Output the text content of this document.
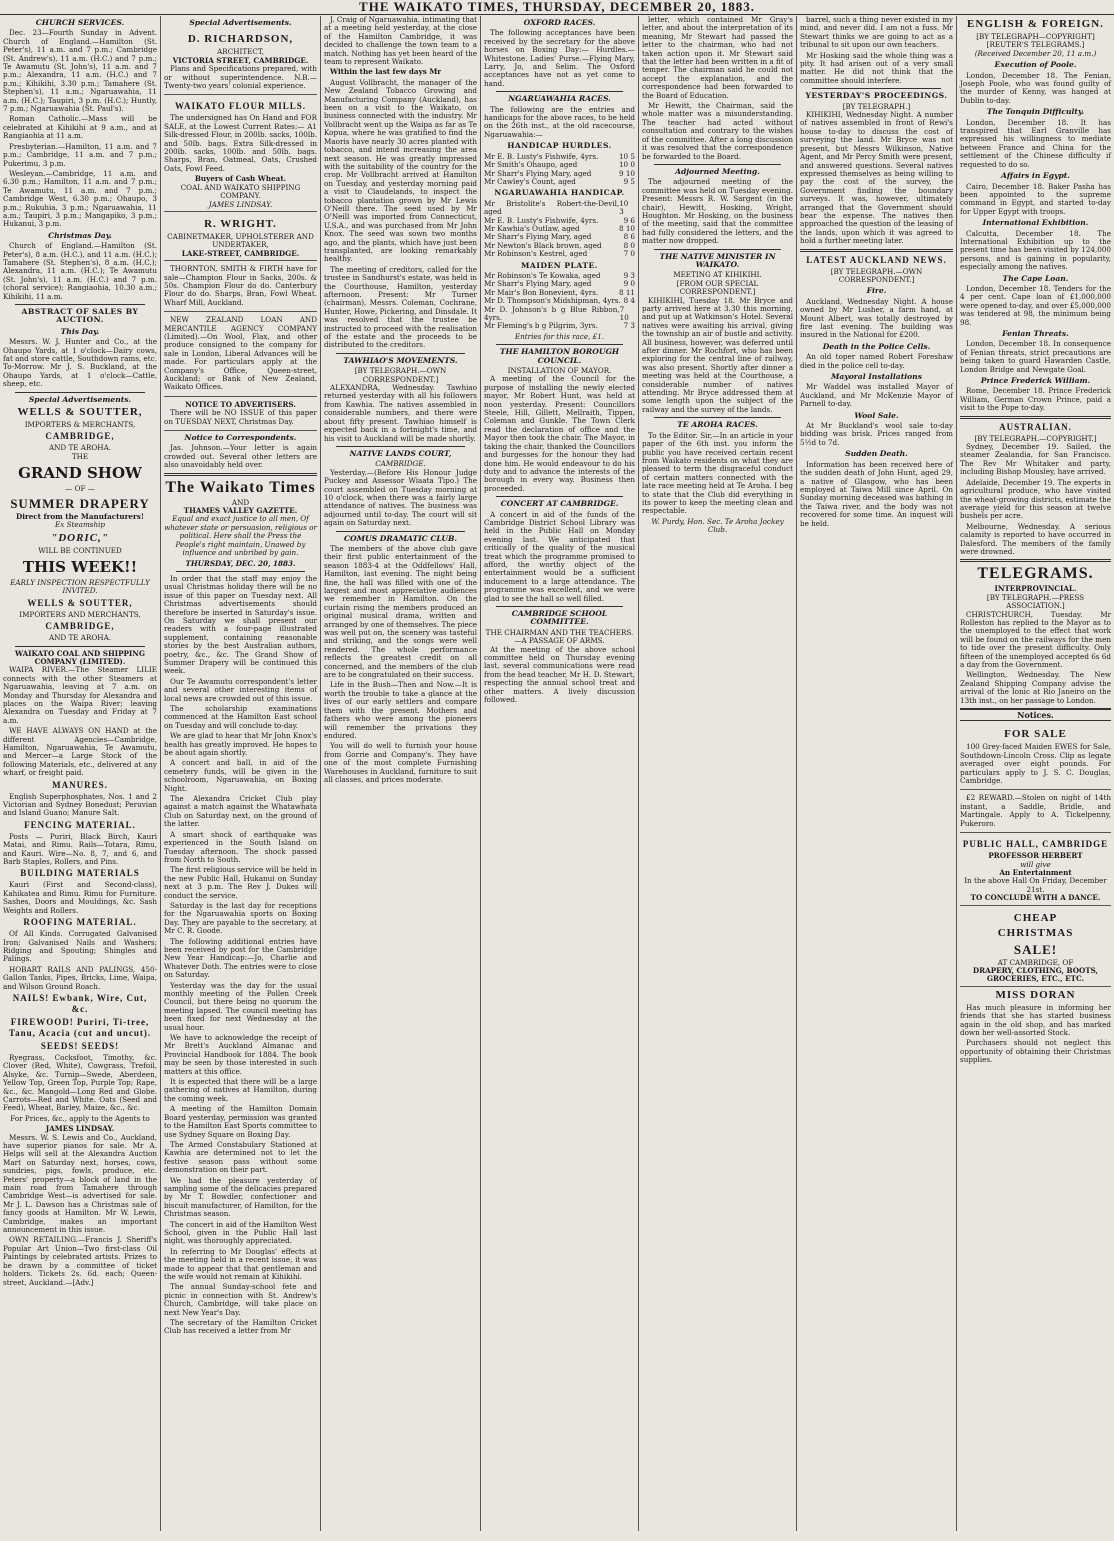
THE WAIKATO TIMES, THURSDAY, DECEMBER 20, 1883.
CHURCH SERVICES.

Dec. 23—Fourth Sunday in Advent. Church of England.—Hamilton (St. Peter's), 11 a.m. and 7 p.m.; Cambridge (St. Andrew's), 11 a.m. (H.C.) and 7 p.m.; Te Awamutu (St. John's), 11 a.m. and 7 p.m.; Alexandra, 11 a.m. (H.C.) and 7 p.m.; Kihikihi, 3.30 p.m.; Tamahere (St. Stephen's), 11 a.m.; Ngaruawahia, 11 a.m. (H.C.); Taupiri, 3 p.m. (H.C.); Huntly, 7 p.m.; Ngaruawahia (St. Paul's).

Roman Catholic.—Mass will be celebrated at Kihikihi at 9 a.m., and at Rangiaohia at 11 a.m.

Presbyterian.—Hamilton, 11 a.m. and 7 p.m.; Cambridge, 11 a.m. and 7 p.m.; Pukerimu, 3 p.m.

Wesleyan.—Cambridge, 11 a.m. and 6.30 p.m.; Hamilton, 11 a.m. and 7 p.m.; Te Awamutu, 11 a.m. and 7 p.m.; Cambridge West, 6.30 p.m.; Ohaupo, 3 p.m.; Rukuhia, 3 p.m.; Ngaruawahia, 11 a.m.; Taupiri, 3 p.m.; Mangapiko, 3 p.m.; Hukanui, 3 p.m.

Christmas Day.

Church of England.—Hamilton (St. Peter's), 8 a.m. (H.C.), and 11 a.m. (H.C.); Tamahere (St. Stephen's), 8 a.m. (H.C.); Alexandra, 11 a.m. (H.C.); Te Awamutu (St. John's), 11 a.m. (H.C.) and 7 p.m. (choral service); Rangiaohia, 10.30 a.m.; Kihikihi, 11 a.m.

ABSTRACT OF SALES BY AUCTION.
This Day.

Messrs. W. J. Hunter and Co., at the Ohaupo Yards, at 1 o'clock—Dairy cows, fat and store cattle, Southdown rams, etc. To-Morrow. Mr J. S. Buckland, at the Ohaupo Yards, at 1 o'clock—Cattle, sheep, etc.

Special Advertisements.
WELLS & SOUTTER,
IMPORTERS & MERCHANTS,
CAMBRIDGE,
AND TE AROHA.
THE
GRAND SHOW
— OF —
SUMMER DRAPERY
Direct from the Manufacturers!
Ex Steamship
"DORIC,"
WILL BE CONTINUED
THIS WEEK!!
EARLY INSPECTION RESPECTFULLY INVITED.
WELLS & SOUTTER,
IMPORTERS AND MERCHANTS,
CAMBRIDGE,
AND TE AROHA.
WAIKATO COAL AND SHIPPING COMPANY (LIMITED).

WAIPA RIVER.—The Steamer LILIE connects with the other Steamers at Ngaruawahia, leaving at 7 a.m. on Monday and Thursday for Alexandra and places on the Waipa River; leaving Alexandra on Tuesday and Friday at 7 a.m.

WE HAVE ALWAYS ON HAND at the different Agencies—Cambridge, Hamilton, Ngaruawahia, Te Awamutu, and Mercer—a Large Stock of the following Materials, etc., delivered at any wharf, or freight paid.

MANURES.

English Superphosphates, Nos. 1 and 2 Victorian and Sydney Bonedust; Peruvian and Island Guano; Manure Salt.

FENCING MATERIAL.

Posts — Puriri, Black Birch, Kauri Matai, and Rimu. Rails—Totara, Rimu, and Kauri. Wire—No. 8, 7, and 6, and Barb Staples, Rollers, and Pins.

BUILDING MATERIALS

Kauri (First and Second-class), Kahikatea and Rimu. Rimu for Furniture. Sashes, Doors and Mouldings, &c. Sash Weights and Rollers.

ROOFING MATERIAL.

Of All Kinds. Corrugated Galvanised Iron; Galvanised Nails and Washers; Ridging and Spouting; Shingles and Palings.

HOBART RAILS AND PALINGS, 450-Gallon Tanks, Pipes, Bricks, Lime, Waipa, and Wilson Ground Roach.

NAILS! Ewbank, Wire, Cut, &c.
FIREWOOD! Puriri, Ti-tree, Tanu, Acacia (cut and uncut).
SEEDS! SEEDS!

Ryegrass, Cocksfoot, Timothy, &c. Clover (Red, White), Cowgrass, Trefoil, Alsyke, &c. Turnip—Swede, Aberdeen, Yellow Top, Green Top, Purple Top; Rape, &c., &c. Mangold—Long Red and Globe. Carrots—Red and White. Oats (Seed and Feed), Wheat, Barley, Maize, &c., &c.

For Prices, &c., apply to the Agents to

JAMES LINDSAY.

Messrs. W. S. Lewis and Co., Auckland, have superior pianos for sale. Mr A. Helps will sell at the Alexandra Auction Mart on Saturday next, horses, cows, sundries, pigs, fowls, produce, etc. Peters' property—a block of land in the main road from Tamahere through Cambridge West—is advertised for sale. Mr J. L. Dawson has a Christmas sale of fancy goods at Hamilton. Mr W. Lewis, Cambridge, makes an important announcement in this issue.

OWN RETAILING.—Francis J. Sheriff's Popular Art Union—Two first-class Oil Paintings by celebrated artists. Prizes to be drawn by a committee of ticket holders. Tickets 2s. 6d. each; Queen-street, Auckland.—[Adv.]

Special Advertisements.
D. RICHARDSON,
ARCHITECT,
VICTORIA STREET, CAMBRIDGE.

Plans and Specifications prepared, with or without superintendence. N.B.—Twenty-two years' colonial experience.

WAIKATO FLOUR MILLS.

The undersigned has On Hand and FOR SALE, at the Lowest Current Rates:— A1 Silk-dressed Flour, in 200lb. sacks, 100lb. and 50lb. bags. Extra Silk-dressed in 200lb. sacks, 100lb. and 50lb. bags. Sharps, Bran, Oatmeal, Oats, Crushed Oats, Fowl Feed.

Buyers of Cash Wheat.
COAL AND WAIKATO SHIPPING COMPANY.
JAMES LINDSAY.
R. WRIGHT.
CABINETMAKER, UPHOLSTERER AND UNDERTAKER,
LAKE-STREET, CAMBRIDGE.

THORNTON, SMITH & FIRTH have for sale—Champion Flour in Sacks, 200s. & 50s. Champion Flour do do. Canterbury Flour do do. Sharps, Bran, Fowl Wheat. Wharf Mill, Auckland.

NEW ZEALAND LOAN AND MERCANTILE AGENCY COMPANY (Limited).—On Wool, Flax, and other produce consigned to the company for sale in London, Liberal Advances will be made. For particulars apply at the Company's Office, Queen-street, Auckland; or Bank of New Zealand, Waikato Offices.

NOTICE TO ADVERTISERS.

There will be NO ISSUE of this paper on TUESDAY NEXT, Christmas Day.

Notice to Correspondents.

Jas. Johnson.—Your letter is again crowded out. Several other letters are also unavoidably held over.

The Waikato Times
AND
THAMES VALLEY GAZETTE.

Equal and exact justice to all men, Of whatever state or persuasion, religious or political. Here shall the Press the People's right maintain, Unawed by influence and unbribed by gain.

THURSDAY, DEC. 20, 1883.

In order that the staff may enjoy the usual Christmas holiday there will be no issue of this paper on Tuesday next. All Christmas advertisements should therefore be inserted in Saturday's issue. On Saturday we shall present our readers with a four-page illustrated supplement, containing reasonable stories by the best Australian authors, poetry, &c., &c. The Grand Show of Summer Drapery will be continued this week.

Our Te Awamutu correspondent's letter and several other interesting items of local news are crowded out of this issue.

The scholarship examinations commenced at the Hamilton East school on Tuesday and will conclude to-day.

We are glad to hear that Mr John Knox's health has greatly improved. He hopes to be about again shortly.

A concert and ball, in aid of the cemetery funds, will be given in the schoolroom, Ngaruawahia, on Boxing Night.

The Alexandra Cricket Club play against a match against the Whatawhata Club on Saturday next, on the ground of the latter.

A smart shock of earthquake was experienced in the South Island on Tuesday afternoon. The shock passed from North to South.

The first religious service will be held in the new Public Hall, Hukanui on Sunday next at 3 p.m. The Rev J. Dukes will conduct the service.

Saturday is the last day for receptions for the Ngaruawahia sports on Boxing Day. They are payable to the secretary, at Mr C. R. Goode.

The following additional entries have been received by post for the Cambridge New Year Handicap:—Jo, Charlie and Whatever Doth. The entries were to close on Saturday.

Yesterday was the day for the usual monthly meeting of the Pollen Creek Council, but there being no quorum the meeting lapsed. The council meeting has been fixed for next Wednesday at the usual hour.

We have to acknowledge the receipt of Mr Brett's Auckland Almanac and Provincial Handbook for 1884. The book may be seen by those interested in such matters at this office.

It is expected that there will be a large gathering of natives at Hamilton, during the coming week.

A meeting of the Hamilton Domain Board yesterday, permission was granted to the Hamilton East Sports committee to use Sydney Square on Boxing Day.

The Armed Constabulary Stationed at Kawhia are determined not to let the festive season pass without some demonstration on their part.

We had the pleasure yesterday of sampling some of the delicacies prepared by Mr T. Bowdler, confectioner and biscuit manufacturer, of Hamilton, for the Christmas season.

The concert in aid of the Hamilton West School, given in the Public Hall last night, was thoroughly appreciated.

In referring to Mr Douglas' effects at the meeting held in a recent issue, it was made to appear that that gentleman and the wife would not remain at Kihikihi.

The annual Sunday-school fete and picnic in connection with St. Andrew's Church, Cambridge, will take place on next New Year's Day.

The secretary of the Hamilton Cricket Club has received a letter from Mr

J. Craig of Ngaruawahia, intimating that at a meeting held yesterday, at the close of the Hamilton Cambridge, it was decided to challenge the town team to a match. Nothing has yet been heard of the team to represent Waikato.

Within the last few days Mr

August Vollbracht, the manager of the New Zealand Tobacco Growing and Manufacturing Company (Auckland), has been on a visit to the Waikato, on business connected with the industry. Mr Vollbracht went up the Waipa as far as Te Kopua, where he was gratified to find the Maoris have nearly 30 acres planted with tobacco, and intend increasing the area next season. He was greatly impressed with the suitability of the country for the crop. Mr Vollbracht arrived at Hamilton on Tuesday, and yesterday morning paid a visit to Claudelands, to inspect the tobacco plantation grown by Mr Lewis O'Neill there. The seed used by Mr O'Neill was imported from Connecticut, U.S.A., and was purchased from Mr John Knox. The seed was sown two months ago, and the plants, which have just been transplanted, are looking remarkably healthy.

The meeting of creditors, called for the trustee in Sandhurst's estate, was held in the Courthouse, Hamilton, yesterday afternoon. Present: Mr Turner (chairman), Messrs. Coleman, Cochrane, Hunter, Howe, Pickering, and Dinsdale. It was resolved that the trustee be instructed to proceed with the realisation of the estate and the proceeds to be distributed to the creditors.

TAWHIAO'S MOVEMENTS.
[BY TELEGRAPH.—OWN CORRESPONDENT.]

ALEXANDRA, Wednesday. Tawhiao returned yesterday with all his followers from Kawhia. The natives assembled in considerable numbers, and there were about fifty present. Tawhiao himself is expected back in a fortnight's time, and his visit to Auckland will be made shortly.

NATIVE LANDS COURT,
CAMBRIDGE.

Yesterday.—(Before His Honour Judge Puckey and Assessor Wiaata Tipo.) The court assembled on Tuesday morning at 10 o'clock, when there was a fairly large attendance of natives. The business was adjourned until to-day. The court will sit again on Saturday next.

COMUS DRAMATIC CLUB.

The members of the above club gave their first public entertainment of the season 1883-4 at the Oddfellows' Hall, Hamilton, last evening. The night being fine, the hall was filled with one of the largest and most appreciative audiences we remember in Hamilton. On the curtain rising the members produced an original musical drama, written and arranged by one of themselves. The piece was well put on, the scenery was tasteful and striking, and the songs were well rendered. The whole performance reflects the greatest credit on all concerned, and the members of the club are to be congratulated on their success.

Life in the Bush—Then and Now.—It is worth the trouble to take a glance at the lives of our early settlers and compare them with the present. Mothers and fathers who were among the pioneers will remember the privations they endured.

You will do well to furnish your house from Gorrie and Company's. They have one of the most complete Furnishing Warehouses in Auckland, furniture to suit all classes, and prices moderate.

OXFORD RACES.

The following acceptances have been received by the secretary for the above horses on Boxing Day:— Hurdles.—Whitestone. Ladies' Purse.—Flying Mary, Larry, Jo, and Selim. The Oxford acceptances have not as yet come to hand.

NGARUAWAHIA RACES.

The following are the entries and handicaps for the above races, to be held on the 26th inst., at the old racecourse, Ngaruawahia:—

HANDICAP HURDLES.
Mr E. B. Lusty's Fishwife, 4yrs.	10 5
Mr Smith's Ohaupo, aged	10 0
Mr Sharr's Flying Mary, aged	9 10
Mr Cawley's Count, aged	9 5
NGARUAWAHIA HANDICAP.
Mr Bristolite's Robert-the-Devil, aged
10 3
Mr E. B. Lusty's Fishwife, 4yrs.	9 6
Mr Kawhia's Outlaw, aged	8 10
Mr Sharr's Flying Mary, aged	8 6
Mr Newton's Black brown, aged	8 0
Mr Robinson's Kestrel, aged	7 0
MAIDEN PLATE.
Mr Robinson's Te Kowaka, aged	9 3
Mr Sharr's Flying Mary, aged	9 0
Mr Mair's Bon Bonevient, 4yrs.	8 11
Mr D. Thompson's Midshipman, 4yrs. 8 4
Mr D. Johnson's b g Blue Ribbon, 4yrs.
7 10
Mr Fleming's b g Pilgrim, 3yrs.	7 3
Entries for this race, £1.
THE HAMILTON BOROUGH COUNCIL.
INSTALLATION OF MAYOR.

A meeting of the Council for the purpose of installing the newly elected mayor, Mr Robert Hunt, was held at noon yesterday. Present: Councillors Steele, Hill, Gillett, Mellraith, Tippen, Coleman and Gunkle. The Town Clerk read the declaration of office and the Mayor then took the chair. The Mayor, in taking the chair, thanked the Councillors and burgesses for the honour they had done him. He would endeavour to do his duty and to advance the interests of the borough in every way. Business then proceeded.

CONCERT AT CAMBRIDGE.

A concert in aid of the funds of the Cambridge District School Library was held in the Public Hall on Monday evening last. We anticipated that critically of the quality of the musical treat which the programme promised to afford, the worthy object of the entertainment would be a sufficient inducement to a large attendance. The programme was excellent, and we were glad to see the hall so well filled.

CAMBRIDGE SCHOOL COMMITTEE.
THE CHAIRMAN AND THE TEACHERS.—A PASSAGE OF ARMS.

At the meeting of the above school committee held on Thursday evening last, several communications were read from the head teacher, Mr H. D. Stewart, respecting the annual school treat and other matters. A lively discussion followed.

letter, which contained Mr Gray's letter, and about the interpretation of its meaning, Mr Stewart had passed the letter to the chairman, who had not taken action upon it. Mr Stewart said that the letter had been written in a fit of temper. The chairman said he could not accept the explanation, and the correspondence had been forwarded to the Board of Education.

Mr Hewitt, the Chairman, said the whole matter was a misunderstanding. The teacher had acted without consultation and contrary to the wishes of the committee. After a long discussion it was resolved that the correspondence be forwarded to the Board.

Adjourned Meeting.

The adjourned meeting of the committee was held on Tuesday evening. Present: Messrs R. W. Sargent (in the chair), Hewitt, Hosking, Wright, Houghton. Mr Hosking, on the business of the meeting, said that the committee had fully considered the letters, and the matter now dropped.

THE NATIVE MINISTER IN WAIKATO.
MEETING AT KIHIKIHI.
[FROM OUR SPECIAL CORRESPONDENT.]

KIHIKIHI, Tuesday 18. Mr Bryce and party arrived here at 3.30 this morning, and put up at Watkinson's Hotel. Several natives were awaiting his arrival, giving the township an air of bustle and activity. All business, however, was deferred until after dinner. Mr Rochfort, who has been exploring for the central line of railway, was also present. Shortly after dinner a meeting was held at the Courthouse, a considerable number of natives attending. Mr Bryce addressed them at some length upon the subject of the railway and the survey of the lands.

TE AROHA RACES.

To the Editor. Sir,—In an article in your paper of the 6th inst. you inform the public you have received certain recent from Waikato residents on what they are pleased to term the disgraceful conduct of certain matters connected with the late race meeting held at Te Aroha. I beg to state that the Club did everything in its power to keep the meeting clean and respectable.

W. Purdy, Hon. Sec. Te Aroha Jockey Club.

barrel, such a thing never existed in my mind, and never did. I am not a fuss. Mr Stewart thinks we are going to act as a tribunal to sit upon our own teachers.

Mr Hosking said the whole thing was a pity. It had arisen out of a very small matter. He did not think that the committee should interfere.

YESTERDAY'S PROCEEDINGS.
[BY TELEGRAPH.]

KIHIKIHI, Wednesday Night. A number of natives assembled in front of Rewi's house to-day to discuss the cost of surveying the land. Mr Bryce was not present, but Messrs Wilkinson, Native Agent, and Mr Percy Smith were present, and answered questions. Several natives expressed themselves as being willing to pay the cost of the survey, the Government finding the boundary surveys. It was, however, ultimately arranged that the Government should bear the expense. The natives then approached the question of the leasing of the lands, upon which it was agreed to hold a further meeting later.

LATEST AUCKLAND NEWS.
[BY TELEGRAPH.—OWN CORRESPONDENT.]
Fire.

Auckland, Wednesday Night. A house owned by Mr Lusher, a farm hand, at Mount Albert, was totally destroyed by fire last evening. The building was insured in the National for £200.

Death in the Police Cells.

An old toper named Robert Foreshaw died in the police cell to-day.

Mayoral Installations

Mr Waddel was installed Mayor of Auckland, and Mr McKenzie Mayor of Parnell to-day.

Wool Sale.

At Mr Buckland's wool sale to-day bidding was brisk. Prices ranged from 5½d to 7d.

Sudden Death.

Information has been received here of the sudden death of John Hunt, aged 29, a native of Glasgow, who has been employed at Taiwa Mill since April. On Sunday morning deceased was bathing in the Taiwa river, and the body was not recovered for some time. An inquest will be held.

ENGLISH & FOREIGN.
[BY TELEGRAPH—COPYRIGHT]
[REUTER'S TELEGRAMS.]
(Received December 20, 11 a.m.)
Execution of Poole.

London, December 18. The Fenian, Joseph Poole, who was found guilty of the murder of Kenny, was hanged at Dublin to-day.

The Tonquin Difficulty.

London, December 18. It has transpired that Earl Granville has expressed his willingness to mediate between France and China for the settlement of the Chinese difficulty if requested to do so.

Affairs in Egypt.

Cairo, December 18. Baker Pasha has been appointed to the supreme command in Egypt, and started to-day for Upper Egypt with troops.

International Exhibition.

Calcutta, December 18. The International Exhibition up to the present time has been visited by 124,000 persons, and is gaining in popularity, especially among the natives.

The Cape Loan.

London, December 18. Tenders for the 4 per cent. Cape loan of £1,000,000 were opened to-day, and over £5,000,000 was tendered at 98, the minimum being 98.

Fenian Threats.

London, December 18. In consequence of Fenian threats, strict precautions are being taken to guard Hawarden Castle, London Bridge and Newgate Goal.

Prince Frederick William.

Rome, December 18. Prince Frederick William, German Crown Prince, paid a visit to the Pope to-day.

AUSTRALIAN.
[BY TELEGRAPH.—COPYRIGHT.]

Sydney, December 19. Sailed, the steamer Zealandia, for San Francisco. The Rev Mr Whitaker and party, including Bishop Mousley, have arrived.

Adelaide, December 19. The experts in agricultural produce, who have visited the wheat-growing districts, estimate the average yield for this season at twelve bushels per acre.

Melbourne, Wednesday. A serious calamity is reported to have occurred in Dalesford. The members of the family were drowned.

TELEGRAMS.
INTERPROVINCIAL.
[BY TELEGRAPH.—PRESS ASSOCIATION.]

CHRISTCHURCH, Tuesday. Mr Rolleston has replied to the Mayor as to the unemployed to the effect that work will be found on the railways for the men to tide over the present difficulty. Only fifteen of the unemployed accepted 6s 6d a day from the Government.

Wellington, Wednesday. The New Zealand Shipping Company advise the arrival of the Ionic at Rio Janeiro on the 13th inst., on her passage to London.

Notices.
FOR SALE

100 Grey-faced Maiden EWES for Sale, Southdown-Lincoln Cross. Clip as legate averaged over eight pounds. For particulars apply to J. S. C. Douglas, Cambridge.

£2 REWARD.—Stolen on night of 14th instant, a Saddle, Bridle, and Martingale. Apply to A. Tickelpenny, Pukeroro.

PUBLIC HALL, CAMBRIDGE
PROFESSOR HERBERT
will give
An Entertainment
In the above Hall On Friday, December 21st.
TO CONCLUDE WITH A DANCE.
CHEAP
CHRISTMAS
SALE!
AT CAMBRIDGE, OF
DRAPERY, CLOTHING, BOOTS, GROCERIES, ETC., ETC.
MISS DORAN

Has much pleasure in informing her friends that she has started business again in the old shop, and has marked down her well-assorted Stock.

Purchasers should not neglect this opportunity of obtaining their Christmas supplies.
